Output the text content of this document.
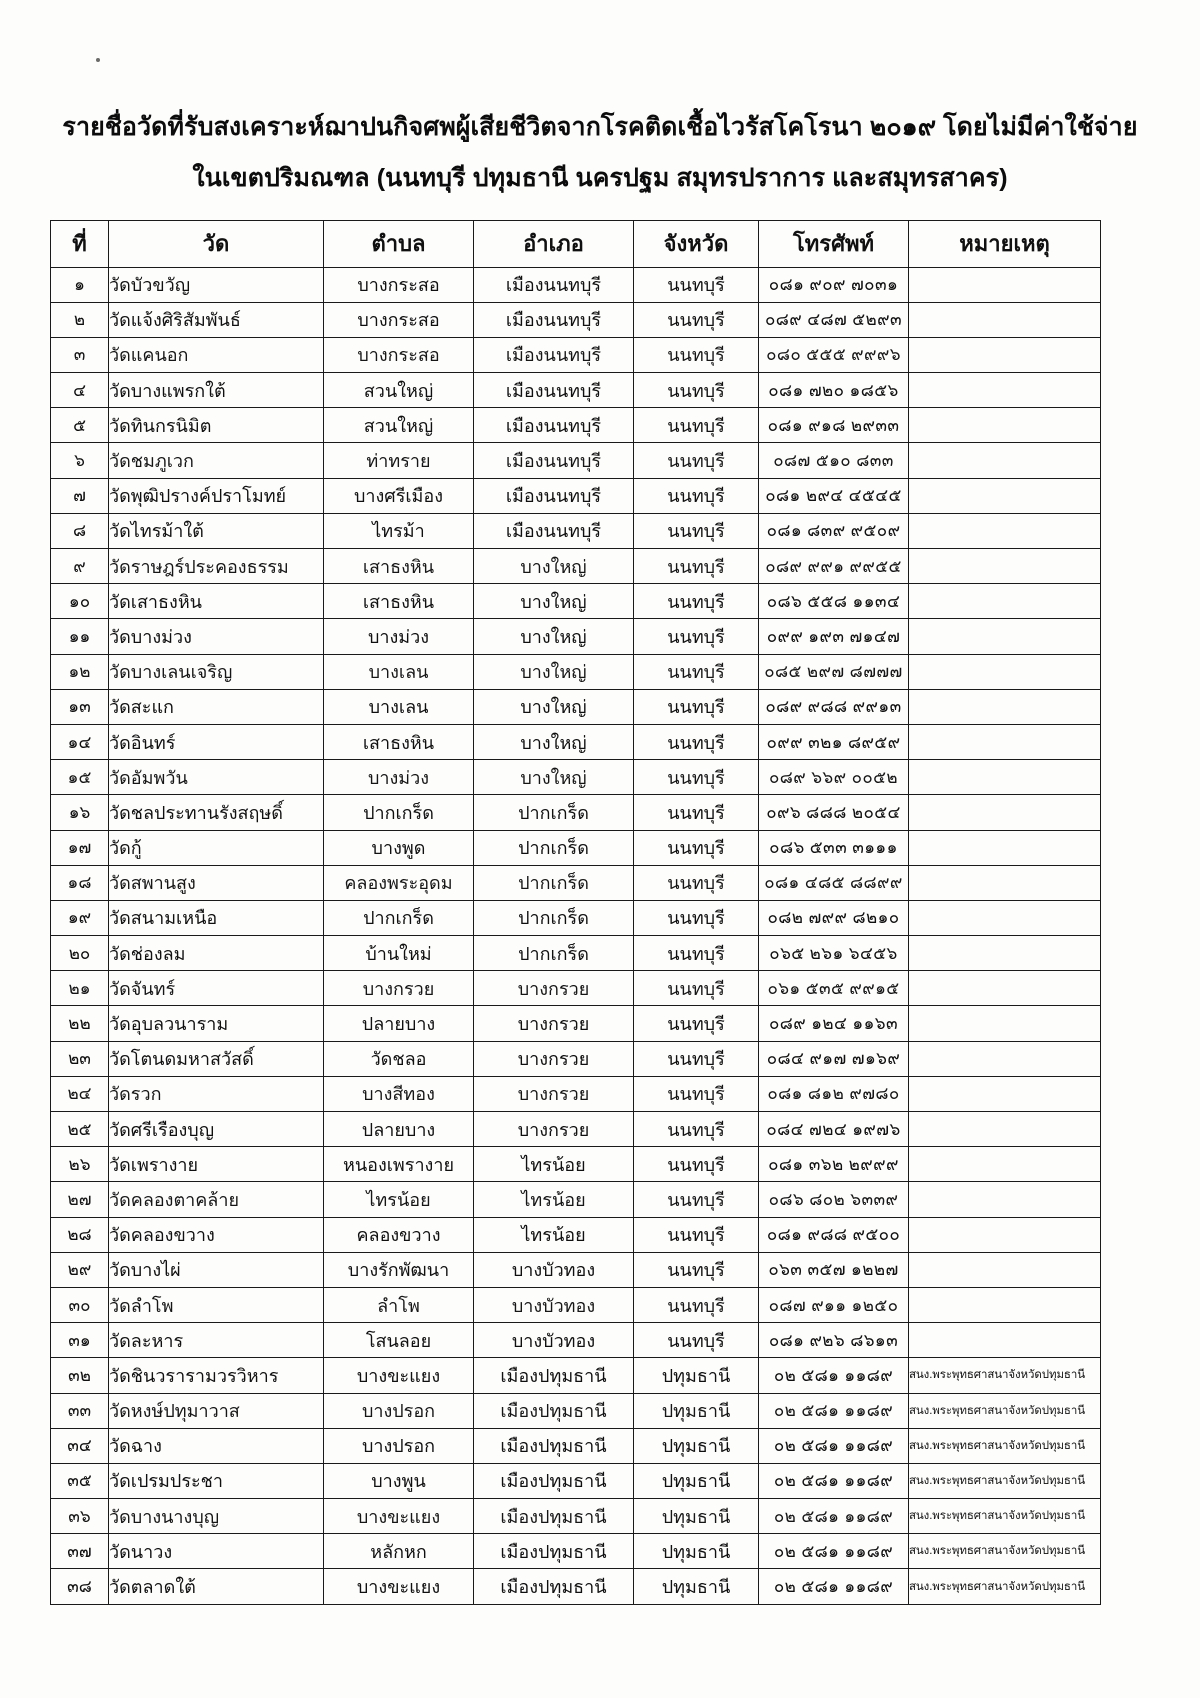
รายชื่อวัดที่รับสงเคราะห์ฌาปนกิจศพผู้เสียชีวิตจากโรคติดเชื้อไวรัสโคโรนา ๒๐๑๙ โดยไม่มีค่าใช้จ่าย
ในเขตปริมณฑล (นนทบุรี ปทุมธานี นครปฐม สมุทรปราการ และสมุทรสาคร)
ที่	วัด	ตำบล	อำเภอ	จังหวัด	โทรศัพท์	หมายเหตุ
๑	วัดบัวขวัญ	บางกระสอ	เมืองนนทบุรี	นนทบุรี	๐๘๑ ๙๐๙ ๗๐๓๑	
๒	วัดแจ้งศิริสัมพันธ์	บางกระสอ	เมืองนนทบุรี	นนทบุรี	๐๘๙ ๔๘๗ ๕๒๙๓	
๓	วัดแคนอก	บางกระสอ	เมืองนนทบุรี	นนทบุรี	๐๘๐ ๕๕๕ ๙๙๙๖	
๔	วัดบางแพรกใต้	สวนใหญ่	เมืองนนทบุรี	นนทบุรี	๐๘๑ ๗๒๐ ๑๘๕๖	
๕	วัดทินกรนิมิต	สวนใหญ่	เมืองนนทบุรี	นนทบุรี	๐๘๑ ๙๑๘ ๒๙๓๓	
๖	วัดชมภูเวก	ท่าทราย	เมืองนนทบุรี	นนทบุรี	๐๘๗ ๕๑๐ ๘๓๓	
๗	วัดพุฒิปรางค์ปราโมทย์	บางศรีเมือง	เมืองนนทบุรี	นนทบุรี	๐๘๑ ๒๙๔ ๔๕๔๕	
๘	วัดไทรม้าใต้	ไทรม้า	เมืองนนทบุรี	นนทบุรี	๐๘๑ ๘๓๙ ๙๕๐๙	
๙	วัดราษฎร์ประคองธรรม	เสาธงหิน	บางใหญ่	นนทบุรี	๐๘๙ ๙๙๑ ๙๙๕๕	
๑๐	วัดเสาธงหิน	เสาธงหิน	บางใหญ่	นนทบุรี	๐๘๖ ๕๕๘ ๑๑๓๔	
๑๑	วัดบางม่วง	บางม่วง	บางใหญ่	นนทบุรี	๐๙๙ ๑๙๓ ๗๑๔๗	
๑๒	วัดบางเลนเจริญ	บางเลน	บางใหญ่	นนทบุรี	๐๘๕ ๒๙๗ ๘๗๗๗	
๑๓	วัดสะแก	บางเลน	บางใหญ่	นนทบุรี	๐๘๙ ๙๘๘ ๙๙๑๓	
๑๔	วัดอินทร์	เสาธงหิน	บางใหญ่	นนทบุรี	๐๙๙ ๓๒๑ ๘๙๕๙	
๑๕	วัดอัมพวัน	บางม่วง	บางใหญ่	นนทบุรี	๐๘๙ ๖๖๙ ๐๐๕๒	
๑๖	วัดชลประทานรังสฤษดิ์	ปากเกร็ด	ปากเกร็ด	นนทบุรี	๐๙๖ ๘๘๘ ๒๐๕๔	
๑๗	วัดกู้	บางพูด	ปากเกร็ด	นนทบุรี	๐๘๖ ๕๓๓ ๓๑๑๑	
๑๘	วัดสพานสูง	คลองพระอุดม	ปากเกร็ด	นนทบุรี	๐๘๑ ๔๘๕ ๘๘๙๙	
๑๙	วัดสนามเหนือ	ปากเกร็ด	ปากเกร็ด	นนทบุรี	๐๘๒ ๗๙๙ ๘๒๑๐	
๒๐	วัดช่องลม	บ้านใหม่	ปากเกร็ด	นนทบุรี	๐๖๕ ๒๖๑ ๖๔๕๖	
๒๑	วัดจันทร์	บางกรวย	บางกรวย	นนทบุรี	๐๖๑ ๕๓๕ ๙๙๑๕	
๒๒	วัดอุบลวนาราม	ปลายบาง	บางกรวย	นนทบุรี	๐๘๙ ๑๒๔ ๑๑๖๓	
๒๓	วัดโตนดมหาสวัสดิ์	วัดชลอ	บางกรวย	นนทบุรี	๐๘๔ ๙๑๗ ๗๑๖๙	
๒๔	วัดรวก	บางสีทอง	บางกรวย	นนทบุรี	๐๘๑ ๘๑๒ ๙๗๘๐	
๒๕	วัดศรีเรืองบุญ	ปลายบาง	บางกรวย	นนทบุรี	๐๘๔ ๗๒๔ ๑๙๗๖	
๒๖	วัดเพรางาย	หนองเพรางาย	ไทรน้อย	นนทบุรี	๐๘๑ ๓๖๒ ๒๙๙๙	
๒๗	วัดคลองตาคล้าย	ไทรน้อย	ไทรน้อย	นนทบุรี	๐๘๖ ๘๐๒ ๖๓๓๙	
๒๘	วัดคลองขวาง	คลองขวาง	ไทรน้อย	นนทบุรี	๐๘๑ ๙๘๘ ๙๕๐๐	
๒๙	วัดบางไผ่	บางรักพัฒนา	บางบัวทอง	นนทบุรี	๐๖๓ ๓๕๗ ๑๒๒๗	
๓๐	วัดลำโพ	ลำโพ	บางบัวทอง	นนทบุรี	๐๘๗ ๙๑๑ ๑๒๕๐	
๓๑	วัดละหาร	โสนลอย	บางบัวทอง	นนทบุรี	๐๘๑ ๙๒๖ ๘๖๑๓	
๓๒	วัดชินวรารามวรวิหาร	บางขะแยง	เมืองปทุมธานี	ปทุมธานี	๐๒ ๕๘๑ ๑๑๘๙	สนง.พระพุทธศาสนาจังหวัดปทุมธานี
๓๓	วัดหงษ์ปทุมาวาส	บางปรอก	เมืองปทุมธานี	ปทุมธานี	๐๒ ๕๘๑ ๑๑๘๙	สนง.พระพุทธศาสนาจังหวัดปทุมธานี
๓๔	วัดฉาง	บางปรอก	เมืองปทุมธานี	ปทุมธานี	๐๒ ๕๘๑ ๑๑๘๙	สนง.พระพุทธศาสนาจังหวัดปทุมธานี
๓๕	วัดเปรมประชา	บางพูน	เมืองปทุมธานี	ปทุมธานี	๐๒ ๕๘๑ ๑๑๘๙	สนง.พระพุทธศาสนาจังหวัดปทุมธานี
๓๖	วัดบางนางบุญ	บางขะแยง	เมืองปทุมธานี	ปทุมธานี	๐๒ ๕๘๑ ๑๑๘๙	สนง.พระพุทธศาสนาจังหวัดปทุมธานี
๓๗	วัดนาวง	หลักหก	เมืองปทุมธานี	ปทุมธานี	๐๒ ๕๘๑ ๑๑๘๙	สนง.พระพุทธศาสนาจังหวัดปทุมธานี
๓๘	วัดตลาดใต้	บางขะแยง	เมืองปทุมธานี	ปทุมธานี	๐๒ ๕๘๑ ๑๑๘๙	สนง.พระพุทธศาสนาจังหวัดปทุมธานี
